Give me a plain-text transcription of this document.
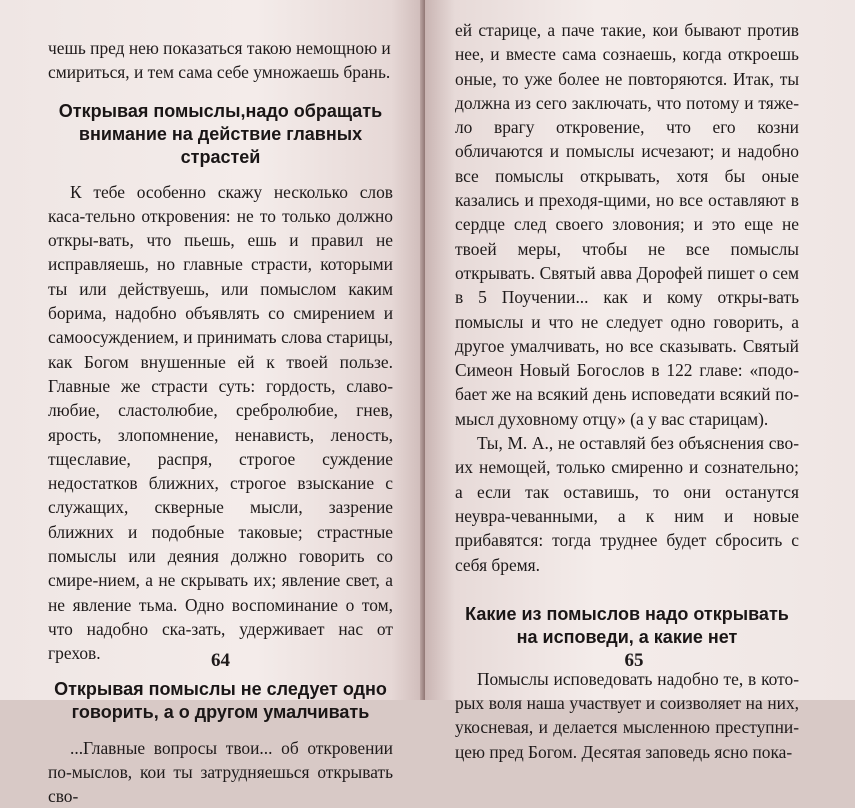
чешь пред нею показаться такою немощною и

смириться, и тем сама себе умножаешь брань.

Открывая помыслы,надо обращать внимание на действие главных страстей

К тебе особенно скажу несколько слов каса-тельно откровения: не то только должно откры-вать, что пьешь, ешь и правил не исправляешь, но главные страсти, которыми ты или действуешь, или помыслом каким борима, надобно объявлять со смирением и самоосуждением, и принимать слова старицы, как Богом внушенные ей к твоей пользе. Главные же страсти суть: гордость, славо-любие, сластолюбие, сребролюбие, гнев, ярость, злопомнение, ненависть, леность, тщеславие, распря, строгое суждение недостатков ближних, строгое взыскание с служащих, скверные мысли, зазрение ближних и подобные таковые; страстные помыслы или деяния должно говорить со смире-нием, а не скрывать их; явление свет, а не явление тьма. Одно воспоминание о том, что надобно ска-зать, удерживает нас от грехов.

Открывая помыслы не следует одно говорить, а о другом умалчивать

...Главные вопросы твои... об откровении по-мыслов, кои ты затрудняешься открывать сво-

64

ей старице, а паче такие, кои бывают против нее, и вместе сама сознаешь, когда откроешь оные, то уже более не повторяются. Итак, ты должна из сего заключать, что потому и тяже-ло врагу откровение, что его козни обличаются и помыслы исчезают; и надобно все помыслы открывать, хотя бы оные казались и преходя-щими, но все оставляют в сердце след своего зловония; и это еще не твоей меры, чтобы не все помыслы открывать. Святый авва Дорофей пишет о сем в 5 Поучении... как и кому откры-вать помыслы и что не следует одно говорить, а другое умалчивать, но все сказывать. Святый Симеон Новый Богослов в 122 главе: «подо-бает же на всякий день исповедати всякий по-мысл духовному отцу» (а у вас старицам).

Ты, М. А., не оставляй без объяснения сво-их немощей, только смиренно и сознательно; а если так оставишь, то они останутся неувра-чеванными, а к ним и новые прибавятся: тогда труднее будет сбросить с себя бремя.

Какие из помыслов надо открывать на исповеди, а какие нет

Помыслы исповедовать надобно те, в кото-рых воля наша участвует и соизволяет на них, укосневая, и делается мысленною преступни-цею пред Богом. Десятая заповедь ясно пока-

65
